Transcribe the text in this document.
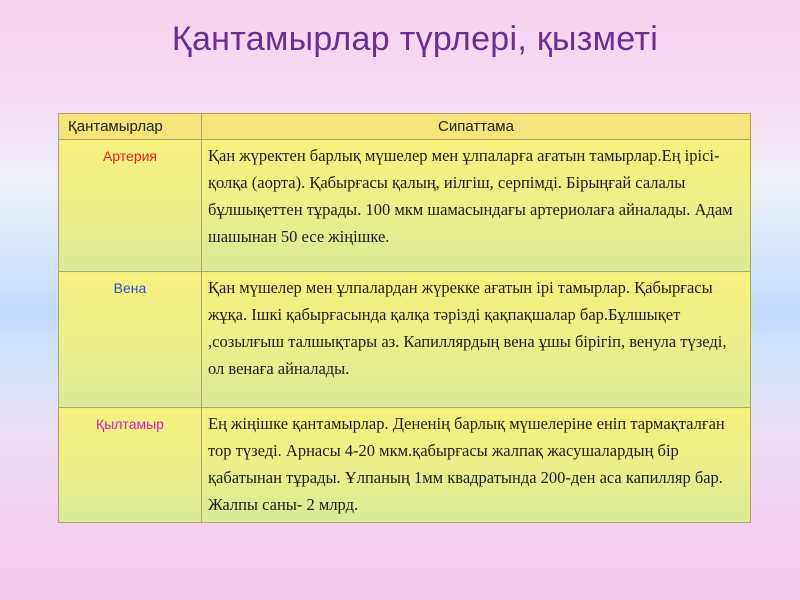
Қантамырлар түрлері, қызметі
Қантамырлар	Сипаттама

Артерия	Қан жүректен барлық мүшелер мен ұлпаларға ағатын тамырлар.Ең ірісі-қолқа (аорта). Қабырғасы қалың, иілгіш, серпімді. Бірыңғай салалы бұлшықеттен тұрады. 100 мкм шамасындағы артериолаға айналады. Адам шашынан 50 есе жіңішке.

Вена	Қан мүшелер мен ұлпалардан жүрекке ағатын ірі тамырлар. Қабырғасы жұқа. Ішкі қабырғасында қалқа тәрізді қақпақшалар бар.Бұлшықет ,созылғыш талшықтары аз. Капиллярдың вена ұшы бірігіп, венула түзеді, ол венаға айналады.

Қылтамыр	Ең жіңішке қантамырлар. Дененің барлық мүшелеріне еніп тармақталған тор түзеді. Арнасы 4-20 мкм.қабырғасы жалпақ жасушалардың бір қабатынан тұрады. Ұлпаның 1мм квадратында 200-ден аса капилляр бар. Жалпы саны- 2 млрд.
